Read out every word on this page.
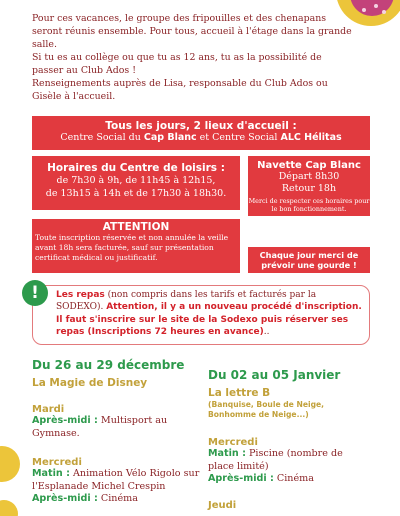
Pour ces vacances, le groupe des fripouilles et des chenapans seront réunis ensemble. Pour tous, accueil à l'étage dans la grande salle.

Si tu es au collège ou que tu as 12 ans, tu as la possibilité de passer au Club Ados !

Renseignements auprès de Lisa, responsable du Club Ados ou Gisèle à l'accueil.

Tous les jours, 2 lieux d'accueil :
Centre Social du Cap Blanc et Centre Social ALC Hélitas
Horaires du Centre de loisirs :
de 7h30 à 9h, de 11h45 à 12h15,
de 13h15 à 14h et de 17h30 à 18h30.
Navette Cap Blanc
Départ 8h30
Retour 18h
Merci de respecter ces horaires pour le bon fonctionnement.
ATTENTION
Toute inscription réservée et non annulée la veille avant 18h sera facturée, sauf sur présentation certificat médical ou justificatif.	Chaque jour merci de prévoir une gourde !
!	Les repas (non compris dans les tarifs et facturés par la SODEXO). Attention, il y a un nouveau procédé d'inscription. Il faut s'inscrire sur le site de la Sodexo puis réserver ses repas (Inscriptions 72 heures en avance)..
Du 26 au 29 décembre
La Magie de Disney
Mardi
Après-midi : Multisport au Gymnase.
Mercredi
Matin : Animation Vélo Rigolo sur l'Esplanade Michel Crespin
Après-midi : Cinéma
Du 02 au 05 Janvier
La lettre B
(Banquise, Boule de Neige, Bonhomme de Neige...)
Mercredi
Matin : Piscine (nombre de place limité)
Après-midi : Cinéma
Jeudi
